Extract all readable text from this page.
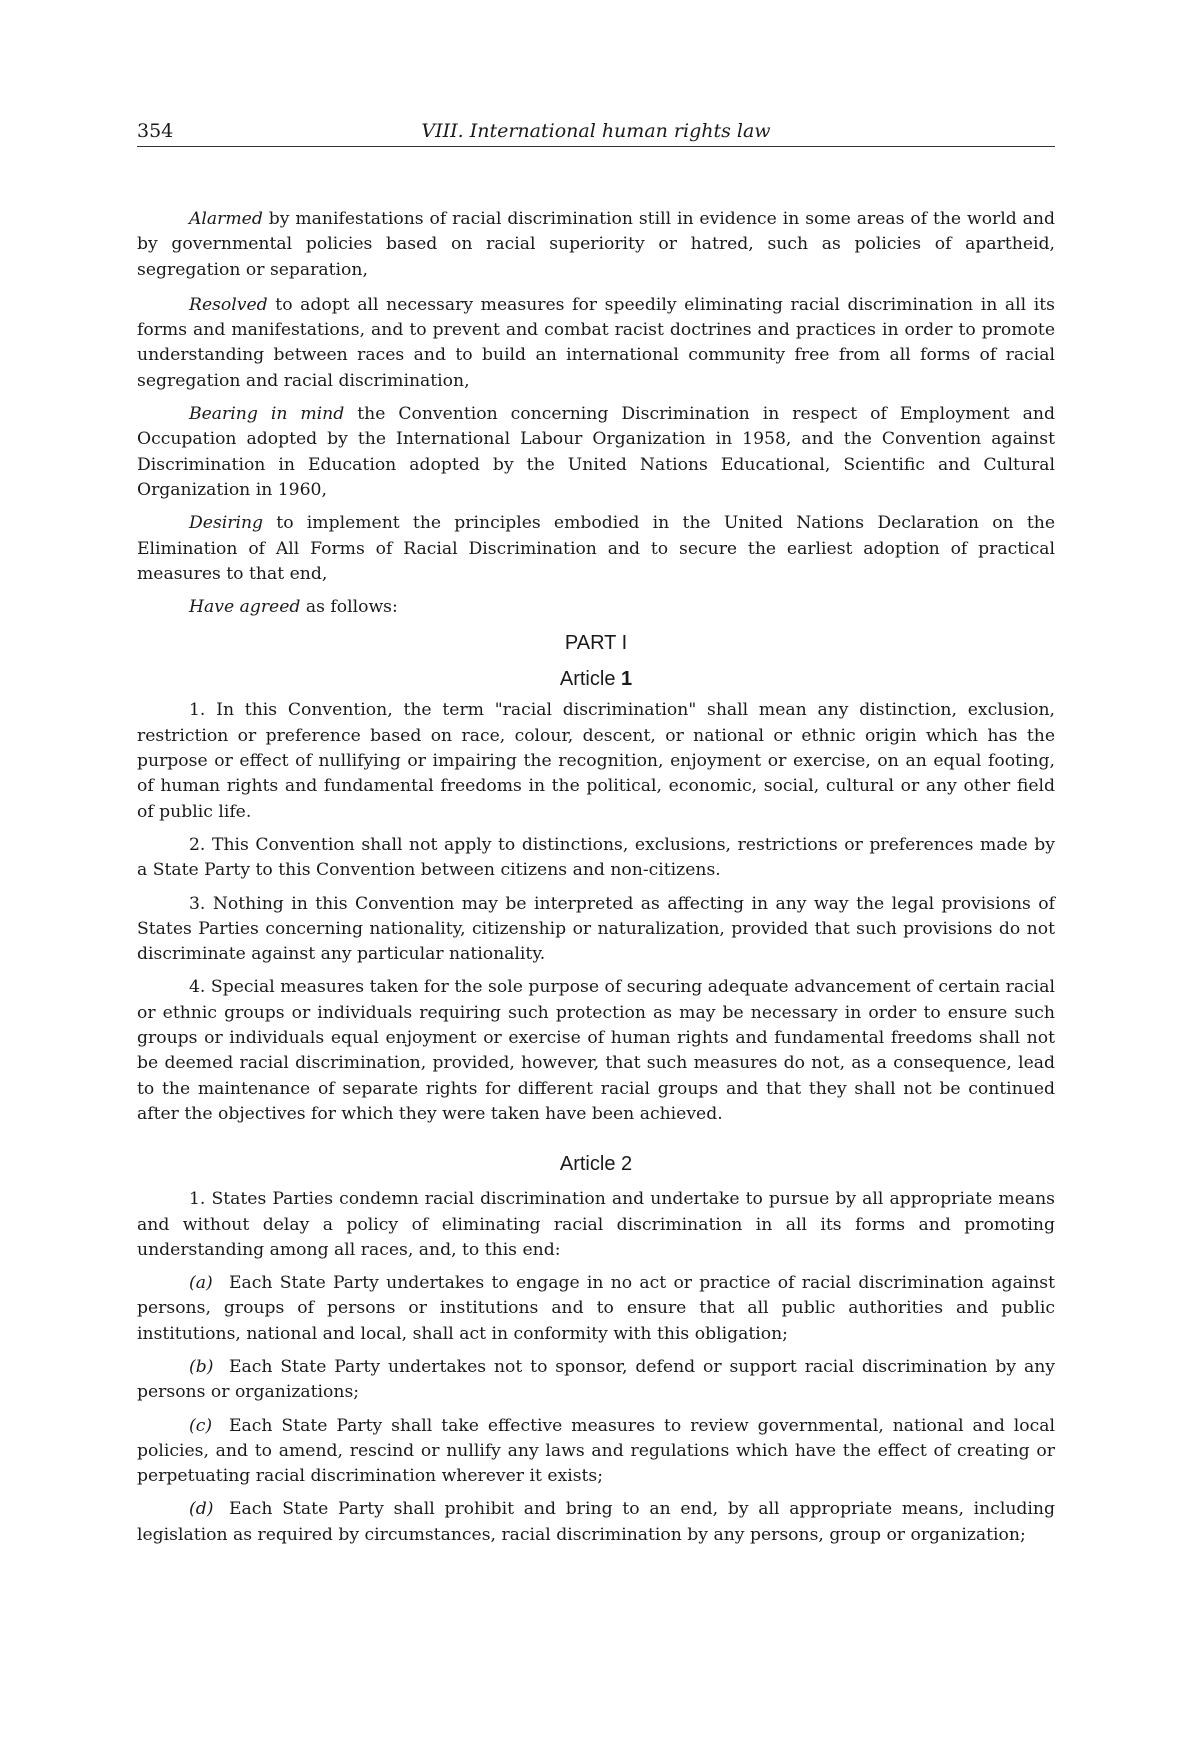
354	VIII. International human rights law

Alarmed by manifestations of racial discrimination still in evidence in some areas of the world and by governmental policies based on racial superiority or hatred, such as policies of apartheid, segregation or separation,

Resolved to adopt all necessary measures for speedily eliminating racial discrimination in all its forms and manifestations, and to prevent and combat racist doctrines and practices in order to promote understanding between races and to build an international community free from all forms of racial segregation and racial discrimination,

Bearing in mind the Convention concerning Discrimination in respect of Employment and Occupation adopted by the International Labour Organization in 1958, and the Convention against Discrimination in Education adopted by the United Nations Educational, Scientific and Cultural Organization in 1960,

Desiring to implement the principles embodied in the United Nations Declaration on the Elimination of All Forms of Racial Discrimination and to secure the earliest adoption of practical measures to that end,

Have agreed as follows:

PART I
Article 1

1. In this Convention, the term "racial discrimination" shall mean any distinction, exclusion, restriction or preference based on race, colour, descent, or national or ethnic origin which has the purpose or effect of nullifying or impairing the recognition, enjoyment or exercise, on an equal footing, of human rights and fundamental freedoms in the political, economic, social, cultural or any other field of public life.

2. This Convention shall not apply to distinctions, exclusions, restrictions or preferences made by a State Party to this Convention between citizens and non-citizens.

3. Nothing in this Convention may be interpreted as affecting in any way the legal provisions of States Parties concerning nationality, citizenship or naturalization, provided that such provisions do not discriminate against any particular nationality.

4. Special measures taken for the sole purpose of securing adequate advancement of certain racial or ethnic groups or individuals requiring such protection as may be necessary in order to ensure such groups or individuals equal enjoyment or exercise of human rights and fundamental freedoms shall not be deemed racial discrimination, provided, however, that such measures do not, as a consequence, lead to the maintenance of separate rights for different racial groups and that they shall not be continued after the objectives for which they were taken have been achieved.

Article 2

1. States Parties condemn racial discrimination and undertake to pursue by all appropriate means and without delay a policy of eliminating racial discrimination in all its forms and promoting understanding among all races, and, to this end:

(a) Each State Party undertakes to engage in no act or practice of racial discrimination against persons, groups of persons or institutions and to ensure that all public authorities and public institutions, national and local, shall act in conformity with this obligation;

(b) Each State Party undertakes not to sponsor, defend or support racial discrimination by any persons or organizations;

(c) Each State Party shall take effective measures to review governmental, national and local policies, and to amend, rescind or nullify any laws and regulations which have the effect of creating or perpetuating racial discrimination wherever it exists;

(d) Each State Party shall prohibit and bring to an end, by all appropriate means, including legislation as required by circumstances, racial discrimination by any persons, group or organization;
